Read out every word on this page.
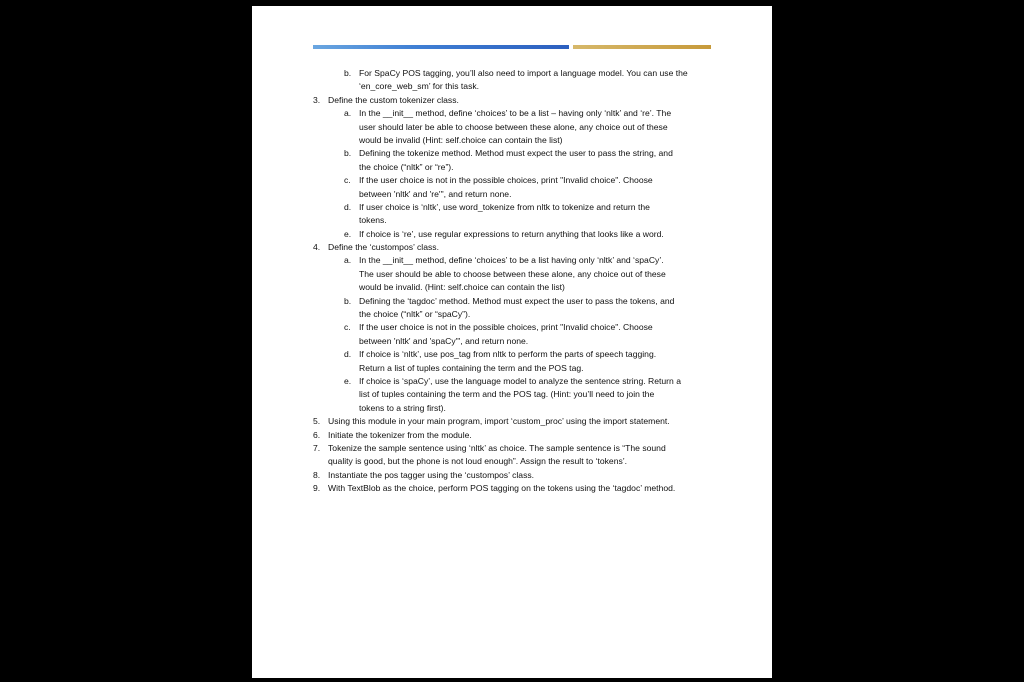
b. For SpaCy POS tagging, you’ll also need to import a language model. You can use the
‘en_core_web_sm’ for this task.
3. Define the custom tokenizer class.
a. In the __init__ method, define ‘choices’ to be a list – having only ‘nltk’ and ‘re’. The
user should later be able to choose between these alone, any choice out of these
would be invalid (Hint: self.choice can contain the list)
b. Defining the tokenize method. Method must expect the user to pass the string, and
the choice (“nltk” or “re”).
c. If the user choice is not in the possible choices, print "Invalid choice". Choose
between 'nltk' and 're'", and return none.
d. If user choice is ‘nltk’, use word_tokenize from nltk to tokenize and return the
tokens.
e. If choice is ‘re’, use regular expressions to return anything that looks like a word.
4. Define the ‘custompos’ class.
a. In the __init__ method, define ‘choices’ to be a list having only ‘nltk’ and ‘spaCy’.
The user should be able to choose between these alone, any choice out of these
would be invalid. (Hint: self.choice can contain the list)
b. Defining the ‘tagdoc’ method. Method must expect the user to pass the tokens, and
the choice (“nltk” or “spaCy”).
c. If the user choice is not in the possible choices, print "Invalid choice". Choose
between 'nltk' and 'spaCy'", and return none.
d. If choice is ‘nltk’, use pos_tag from nltk to perform the parts of speech tagging.
Return a list of tuples containing the term and the POS tag.
e. If choice is ‘spaCy’, use the language model to analyze the sentence string. Return a
list of tuples containing the term and the POS tag. (Hint: you’ll need to join the
tokens to a string first).
5. Using this module in your main program, import ‘custom_proc’ using the import statement.
6. Initiate the tokenizer from the module.
7. Tokenize the sample sentence using ‘nltk’ as choice. The sample sentence is “The sound
quality is good, but the phone is not loud enough”. Assign the result to ‘tokens’.
8. Instantiate the pos tagger using the ‘custompos’ class.
9. With TextBlob as the choice, perform POS tagging on the tokens using the ‘tagdoc’ method.
